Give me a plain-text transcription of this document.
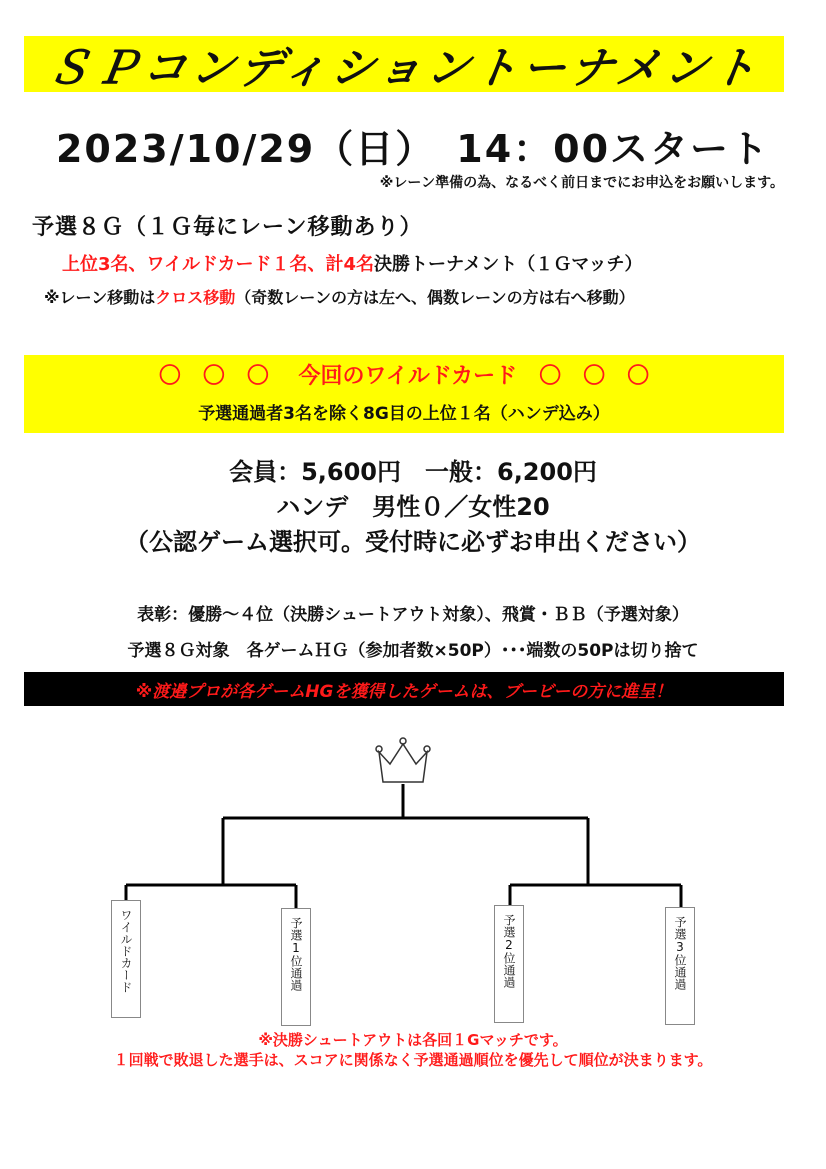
ＳＰコンディショントーナメント
2023/10/29（日）　14：00スタート
※レーン準備の為、なるべく前日までにお申込をお願いします。
予選８Ｇ（１Ｇ毎にレーン移動あり）
上位3名、ワイルドカード１名、計4名決勝トーナメント（１Ｇマッチ）
※レーン移動はクロス移動（奇数レーンの方は左へ、偶数レーンの方は右へ移動）
〇　〇　〇　 今回のワイルドカード　〇　〇　〇
予選通過者3名を除く8G目の上位１名（ハンデ込み）
会員：5,600円　一般：6,200円
ハンデ　男性０／女性20
（公認ゲーム選択可。受付時に必ずお申出ください）
表彰：優勝～４位（決勝シュートアウト対象）、飛賞・ＢＢ（予選対象）
予選８Ｇ対象　各ゲームＨＧ（参加者数×50P）･･･端数の50Pは切り捨て
※渡邉プロが各ゲームHGを獲得したゲームは、ブービーの方に進呈！
ワイルドカード	予選1位通過	予選2位通過	予選3位通過
※決勝シュートアウトは各回１Gマッチです。
１回戦で敗退した選手は、スコアに関係なく予選通過順位を優先して順位が決まります。
